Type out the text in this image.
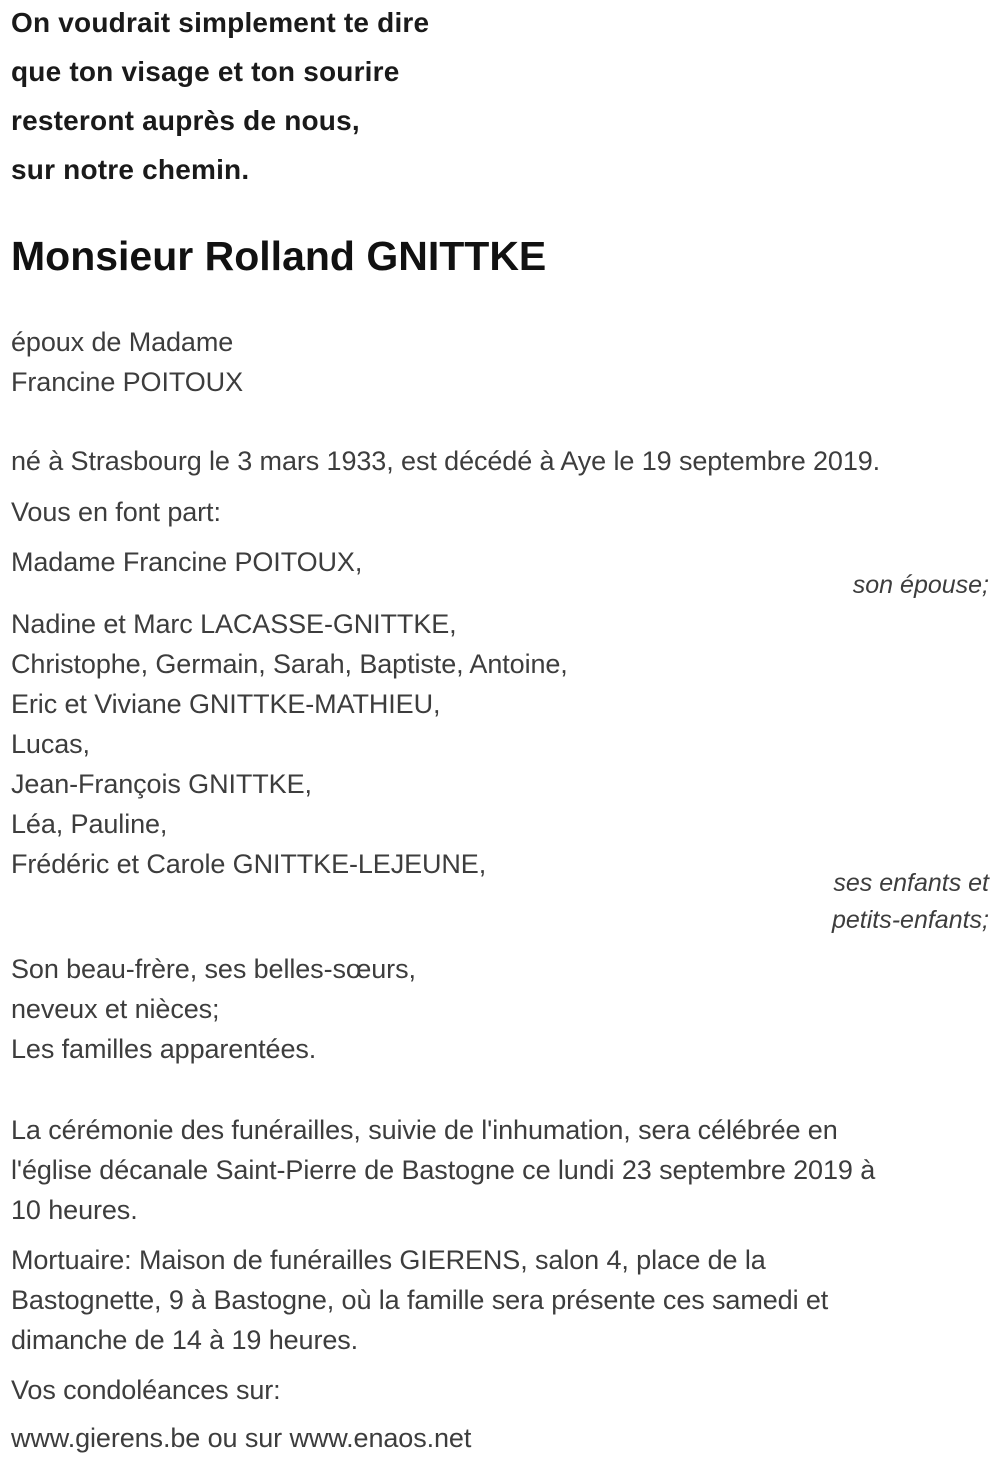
On voudrait simplement te dire
que ton visage et ton sourire
resteront auprès de nous,
sur notre chemin.
Monsieur Rolland GNITTKE

époux de Madame
Francine POITOUX

né à Strasbourg le 3 mars 1933, est décédé à Aye le 19 septembre 2019.

Vous en font part:

Madame Francine POITOUX,

son épouse;

Nadine et Marc LACASSE-GNITTKE,
Christophe, Germain, Sarah, Baptiste, Antoine,
Eric et Viviane GNITTKE-MATHIEU,
Lucas,
Jean-François GNITTKE,
Léa, Pauline,
Frédéric et Carole GNITTKE-LEJEUNE,

ses enfants et
petits-enfants;

Son beau-frère, ses belles-sœurs,
neveux et nièces;
Les familles apparentées.

La cérémonie des funérailles, suivie de l'inhumation, sera célébrée en
l'église décanale Saint-Pierre de Bastogne ce lundi 23 septembre 2019 à
10 heures.

Mortuaire: Maison de funérailles GIERENS, salon 4, place de la
Bastognette, 9 à Bastogne, où la famille sera présente ces samedi et
dimanche de 14 à 19 heures.

Vos condoléances sur:

www.gierens.be ou sur www.enaos.net
